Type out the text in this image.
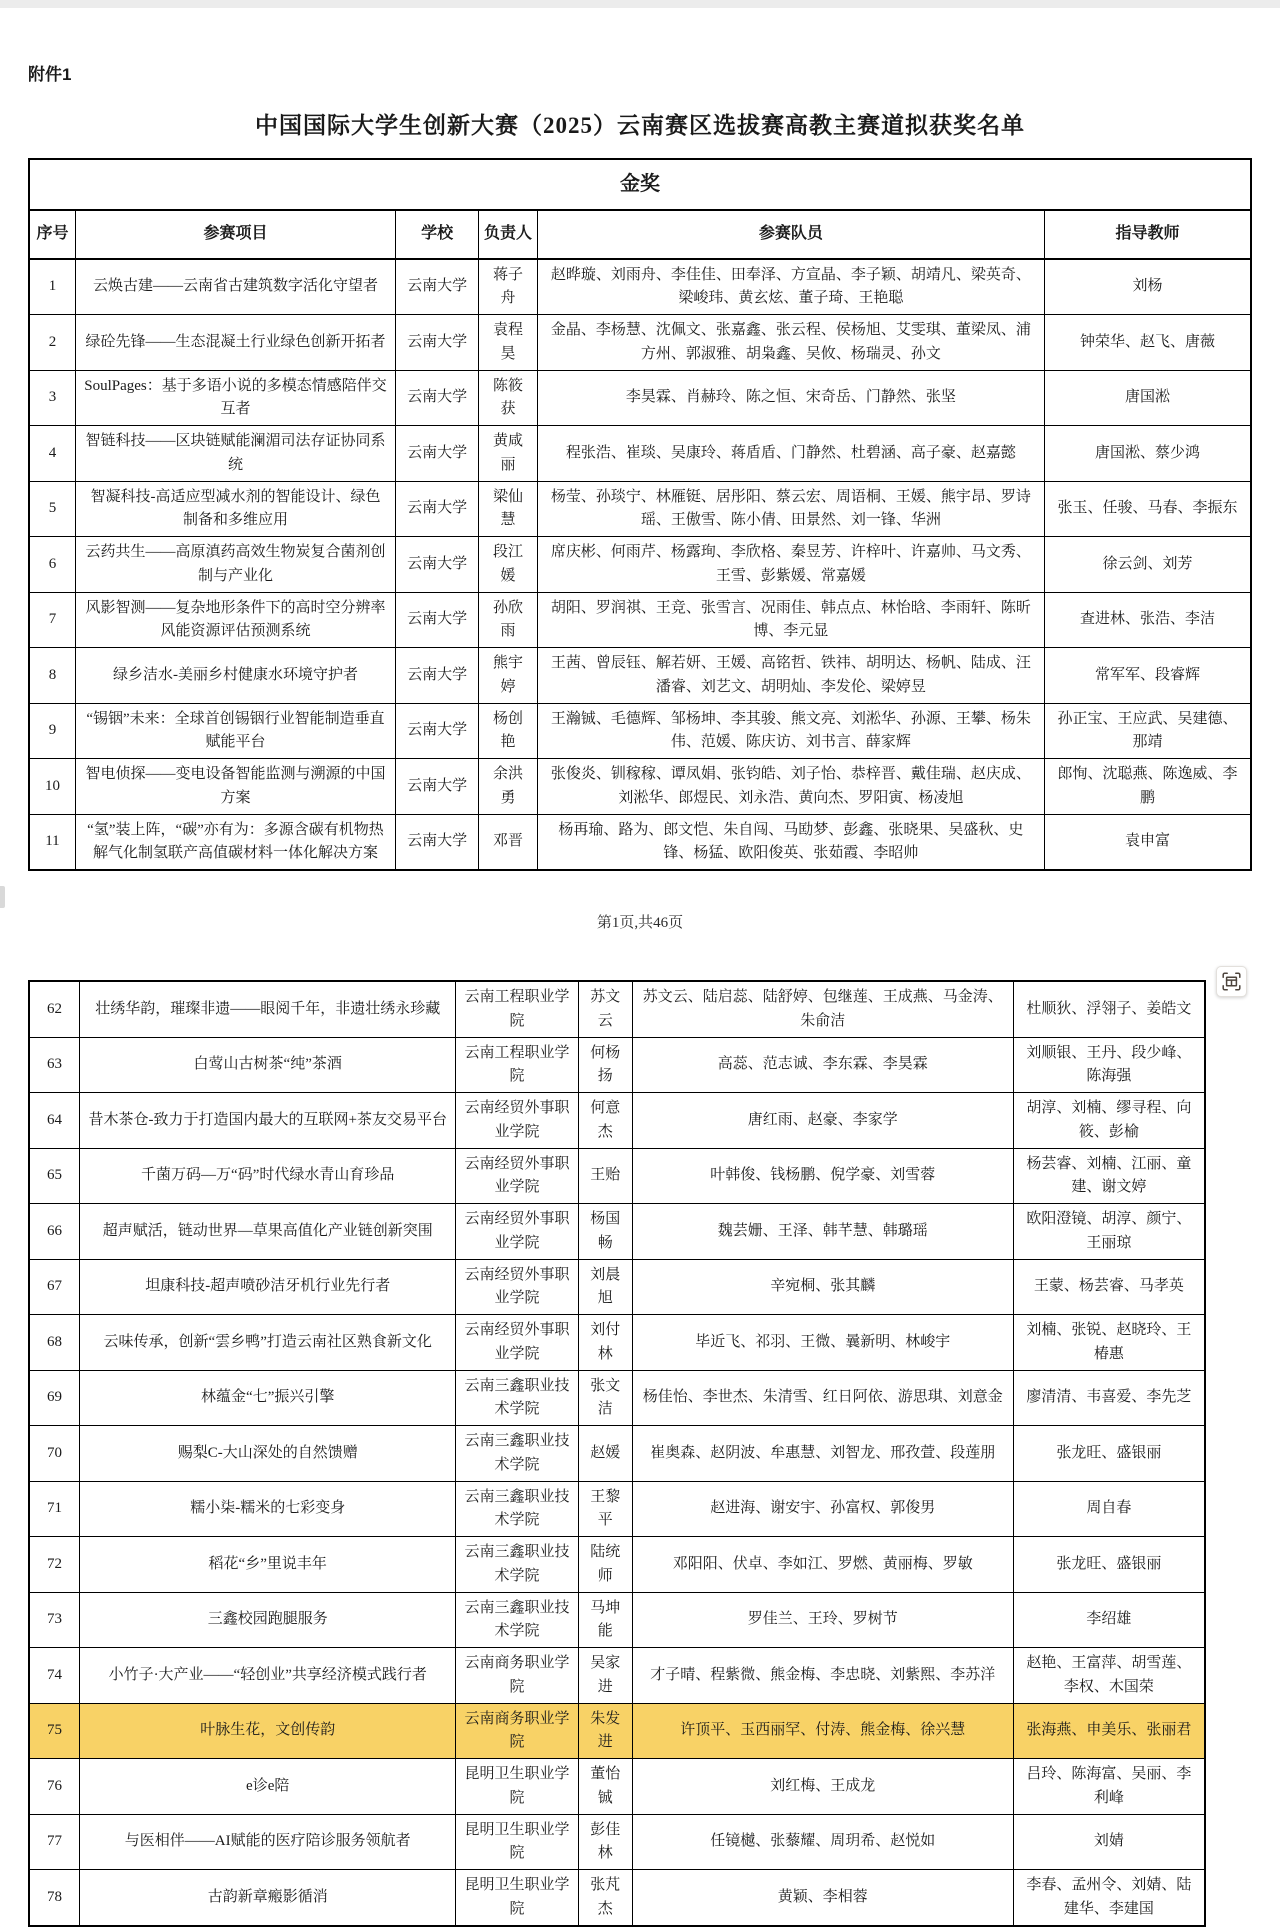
附件1
中国国际大学生创新大赛（2025）云南赛区选拔赛高教主赛道拟获奖名单
金奖					
序号	参赛项目	学校	负责人	参赛队员	指导教师
1	云焕古建——云南省古建筑数字活化守望者	云南大学	蒋子舟	赵晔璇、刘雨舟、李佳佳、田奉泽、方宣晶、李子颖、胡靖凡、梁英奇、梁峻玮、黄玄炫、董子琦、王艳聪	刘杨
2	绿砼先锋——生态混凝土行业绿色创新开拓者	云南大学	袁程昊	金晶、李杨慧、沈佩文、张嘉鑫、张云程、侯杨旭、艾雯琪、董梁凤、浦方州、郭淑雅、胡枭鑫、吴攸、杨瑞灵、孙文	钟荣华、赵飞、唐薇
3	SoulPages：基于多语小说的多模态情感陪伴交互者	云南大学	陈筱获	李昊霖、肖赫玲、陈之恒、宋奇岳、门静然、张坚	唐国淞
4	智链科技——区块链赋能澜湄司法存证协同系统	云南大学	黄咸丽	程张浩、崔琰、吴康玲、蒋盾盾、门静然、杜碧涵、高子豪、赵嘉懿	唐国淞、蔡少鸿
5	智凝科技-高适应型减水剂的智能设计、绿色制备和多维应用	云南大学	梁仙慧	杨莹、孙琰宁、林雁铤、居彤阳、蔡云宏、周语桐、王媛、熊宇昂、罗诗瑶、王傲雪、陈小倩、田景然、刘一锋、华洲	张玉、任骏、马春、李振东
6	云药共生——高原滇药高效生物炭复合菌剂创制与产业化	云南大学	段江媛	席庆彬、何雨芹、杨露珣、李欣格、秦昱芳、许梓叶、许嘉帅、马文秀、王雪、彭紫媛、常嘉媛	徐云剑、刘芳
7	风影智测——复杂地形条件下的高时空分辨率风能资源评估预测系统	云南大学	孙欣雨	胡阳、罗润祺、王竞、张雪言、况雨佳、韩点点、林怡晗、李雨轩、陈昕博、李元显	查进林、张浩、李洁
8	绿乡洁水-美丽乡村健康水环境守护者	云南大学	熊宇婷	王茜、曾辰钰、解若妍、王媛、高铭哲、铁祎、胡明达、杨帆、陆成、汪潘睿、刘艺文、胡明灿、李发伦、梁婷昱	常军军、段睿辉
9	“锡铟”未来：全球首创锡铟行业智能制造垂直赋能平台	云南大学	杨创艳	王瀚铖、毛德辉、邹杨坤、李其骏、熊文亮、刘淞华、孙源、王攀、杨朱伟、范媛、陈庆访、刘书言、薛家辉	孙正宝、王应武、吴建德、那靖
10	智电侦探——变电设备智能监测与溯源的中国方案	云南大学	余洪勇	张俊炎、钏稼稼、谭凤娟、张钧皓、刘子怡、恭梓晋、戴佳瑞、赵庆成、刘淞华、郎煜民、刘永浩、黄向杰、罗阳寅、杨凌旭	郎恂、沈聪燕、陈逸威、李鹏
11	“氢”装上阵，“碳”亦有为：多源含碳有机物热解气化制氢联产高值碳材料一体化解决方案	云南大学	邓晋	杨再瑜、路为、郎文恺、朱自闯、马劻梦、彭鑫、张晓果、吴盛秋、史锋、杨猛、欧阳俊英、张茹霞、李昭帅	袁申富
第1页,共46页
62	壮绣华韵，璀璨非遗——眼阅千年，非遗壮绣永珍藏	云南工程职业学院	苏文云	苏文云、陆启蕊、陆舒婷、包继莲、王成燕、马金涛、朱俞洁	杜顺狄、浮翎子、姜皓文
63	白莺山古树茶“纯”茶酒	云南工程职业学院	何杨扬	高蕊、范志诚、李东霖、李昊霖	刘顺银、王丹、段少峰、陈海强
64	昔木茶仓-致力于打造国内最大的互联网+茶友交易平台	云南经贸外事职业学院	何意杰	唐红雨、赵豪、李家学	胡淳、刘楠、缪寻程、向筱、彭榆
65	千菌万码—万“码”时代绿水青山育珍品	云南经贸外事职业学院	王贻	叶韩俊、钱杨鹏、倪学豪、刘雪蓉	杨芸睿、刘楠、江丽、童建、谢文婷
66	超声赋活，链动世界—草果高值化产业链创新突围	云南经贸外事职业学院	杨国畅	魏芸姗、王泽、韩芊慧、韩璐瑶	欧阳澄镜、胡淳、颜宁、王丽琼
67	坦康科技-超声喷砂洁牙机行业先行者	云南经贸外事职业学院	刘晨旭	辛宛桐、张其麟	王蒙、杨芸睿、马孝英
68	云味传承，创新“雲乡鸭”打造云南社区熟食新文化	云南经贸外事职业学院	刘付林	毕近飞、祁羽、王微、曩新明、林峻宇	刘楠、张锐、赵晓玲、王椿惠
69	林蕴金“七”振兴引擎	云南三鑫职业技术学院	张文洁	杨佳怡、李世杰、朱清雪、红日阿依、游思琪、刘意金	廖清清、韦喜爱、李先芝
70	赐梨C-大山深处的自然馈赠	云南三鑫职业技术学院	赵媛	崔奥森、赵阴波、牟惠慧、刘智龙、邢孜萱、段莲朋	张龙旺、盛银丽
71	糯小柒-糯米的七彩变身	云南三鑫职业技术学院	王黎平	赵进海、谢安宇、孙富权、郭俊男	周自春
72	稻花“乡”里说丰年	云南三鑫职业技术学院	陆统师	邓阳阳、伏卓、李如江、罗燃、黄丽梅、罗敏	张龙旺、盛银丽
73	三鑫校园跑腿服务	云南三鑫职业技术学院	马坤能	罗佳兰、王玲、罗树节	李绍雄
74	小竹子·大产业——“轻创业”共享经济模式践行者	云南商务职业学院	吴家进	才子晴、程紫微、熊金梅、李忠晓、刘紫熙、李苏洋	赵艳、王富萍、胡雪莲、李权、木国荣
75	叶脉生花，文创传韵	云南商务职业学院	朱发进	许顶平、玉西丽罕、付涛、熊金梅、徐兴慧	张海燕、申美乐、张丽君
76	e诊e陪	昆明卫生职业学院	董怡铖	刘红梅、王成龙	吕玲、陈海富、吴丽、李利峰
77	与医相伴——AI赋能的医疗陪诊服务领航者	昆明卫生职业学院	彭佳林	任镜樾、张藜耀、周玥希、赵悦如	刘婧
78	古韵新章瘢影循消	昆明卫生职业学院	张芃杰	黄颖、李相蓉	李春、孟州令、刘婧、陆建华、李建国
